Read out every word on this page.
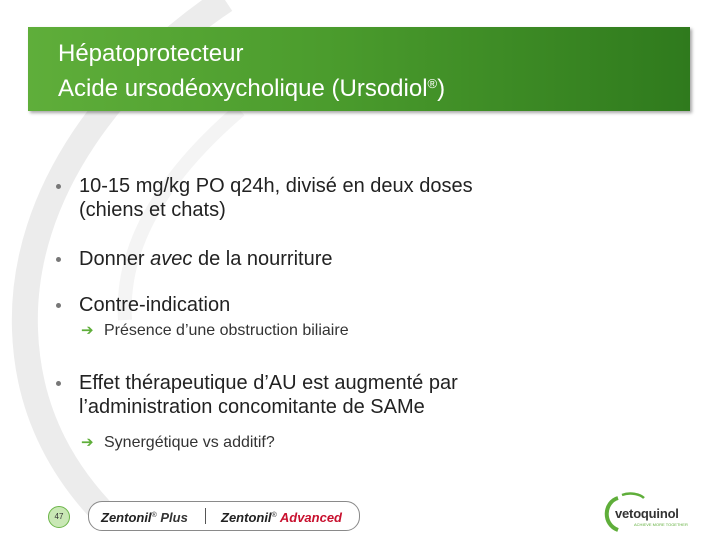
Hépatoprotecteur
Acide ursodéoxycholique (Ursodiol®)
10-15 mg/kg PO q24h, divisé en deux doses
(chiens et chats)
Donner avec de la nourriture
Contre-indication
➔ Présence d’une obstruction biliaire
Effet thérapeutique d’AU est augmenté par
l’administration concomitante de SAMe
➔ Synergétique vs additif?
47	Zentonil® Plus	Zentonil® Advanced	vetoquinol
ACHIEVE MORE TOGETHER
